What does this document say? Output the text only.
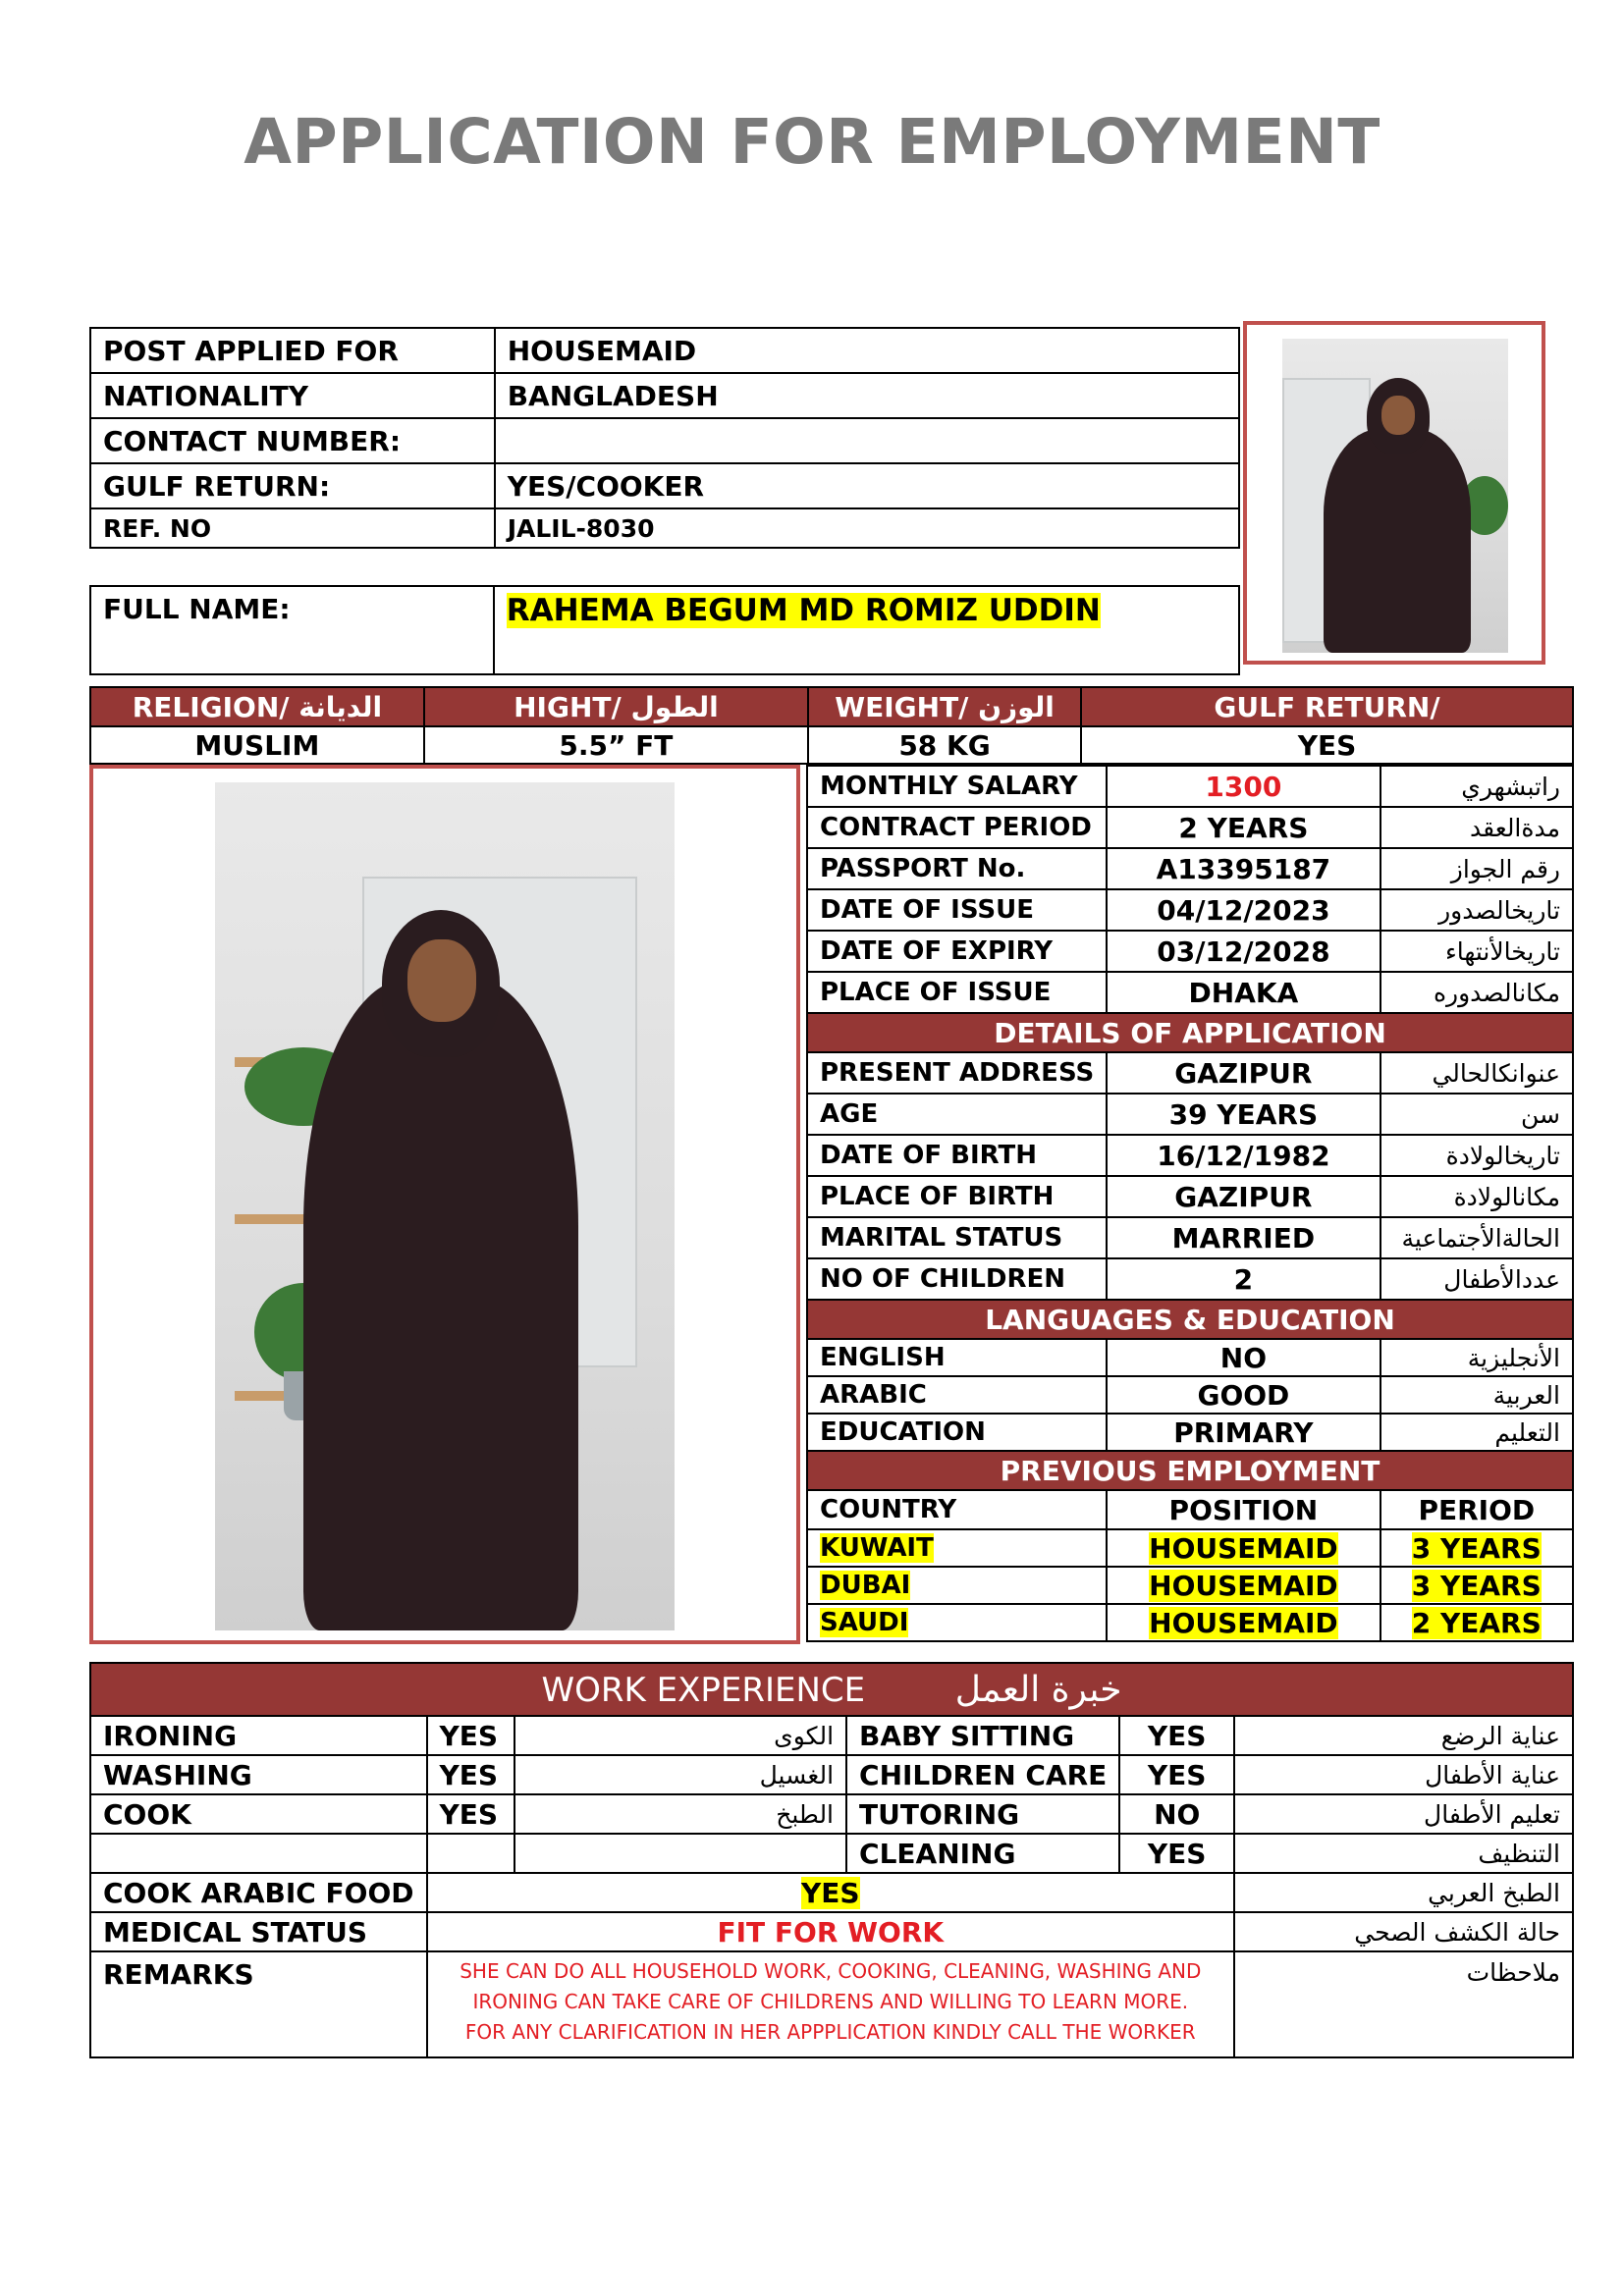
APPLICATION FOR EMPLOYMENT
POST APPLIED FOR	HOUSEMAID
NATIONALITY	BANGLADESH
CONTACT NUMBER:	
GULF RETURN:	YES/COOKER
REF. NO	JALIL-8030
FULL NAME:	RAHEMA BEGUM MD ROMIZ UDDIN
RELIGION/ الديانة	HIGHT/ الطول	WEIGHT/ الوزن	GULF RETURN/
MUSLIM	5.5” FT	58 KG	YES
MONTHLY SALARY	1300	راتبشهري
CONTRACT PERIOD	2 YEARS	مدةالعقد
PASSPORT No.	A13395187	رقم الجواز
DATE OF ISSUE	04/12/2023	تاريخالصدور
DATE OF EXPIRY	03/12/2028	تاريخالأنتهاء
PLACE OF ISSUE	DHAKA	مكانالصدوره
DETAILS OF APPLICATION		
PRESENT ADDRESS	GAZIPUR	عنوانكالحالي
AGE	39 YEARS	سن
DATE OF BIRTH	16/12/1982	تاريخالولادة
PLACE OF BIRTH	GAZIPUR	مكانالولادة
MARITAL STATUS	MARRIED	الحالةالأجتماعية
NO OF CHILDREN	2	عددالأطفال
LANGUAGES & EDUCATION		
ENGLISH	NO	الأنجليزية
ARABIC	GOOD	العربية
EDUCATION	PRIMARY	التعليم
PREVIOUS EMPLOYMENT		
COUNTRY	POSITION	PERIOD
KUWAIT	HOUSEMAID	3 YEARS
DUBAI	HOUSEMAID	3 YEARS
SAUDI	HOUSEMAID	2 YEARS
WORK EXPERIENCE خبرة العمل					
IRONING	YES	الكوى	BABY SITTING	YES	عناية الرضع
WASHING	YES	الغسيل	CHILDREN CARE	YES	عناية الأطفال
COOK	YES	الطبخ	TUTORING	NO	تعليم الأطفال
			CLEANING	YES	التنظيف
COOK ARABIC FOOD	YES				الطبخ العربي
MEDICAL STATUS	FIT FOR WORK				حالة الكشف الصحي
REMARKS	SHE CAN DO ALL HOUSEHOLD WORK, COOKING, CLEANING, WASHING AND IRONING CAN TAKE CARE OF CHILDRENS AND WILLING TO LEARN MORE. FOR ANY CLARIFICATION IN HER APPPLICATION KINDLY CALL THE WORKER				ملاحظات
